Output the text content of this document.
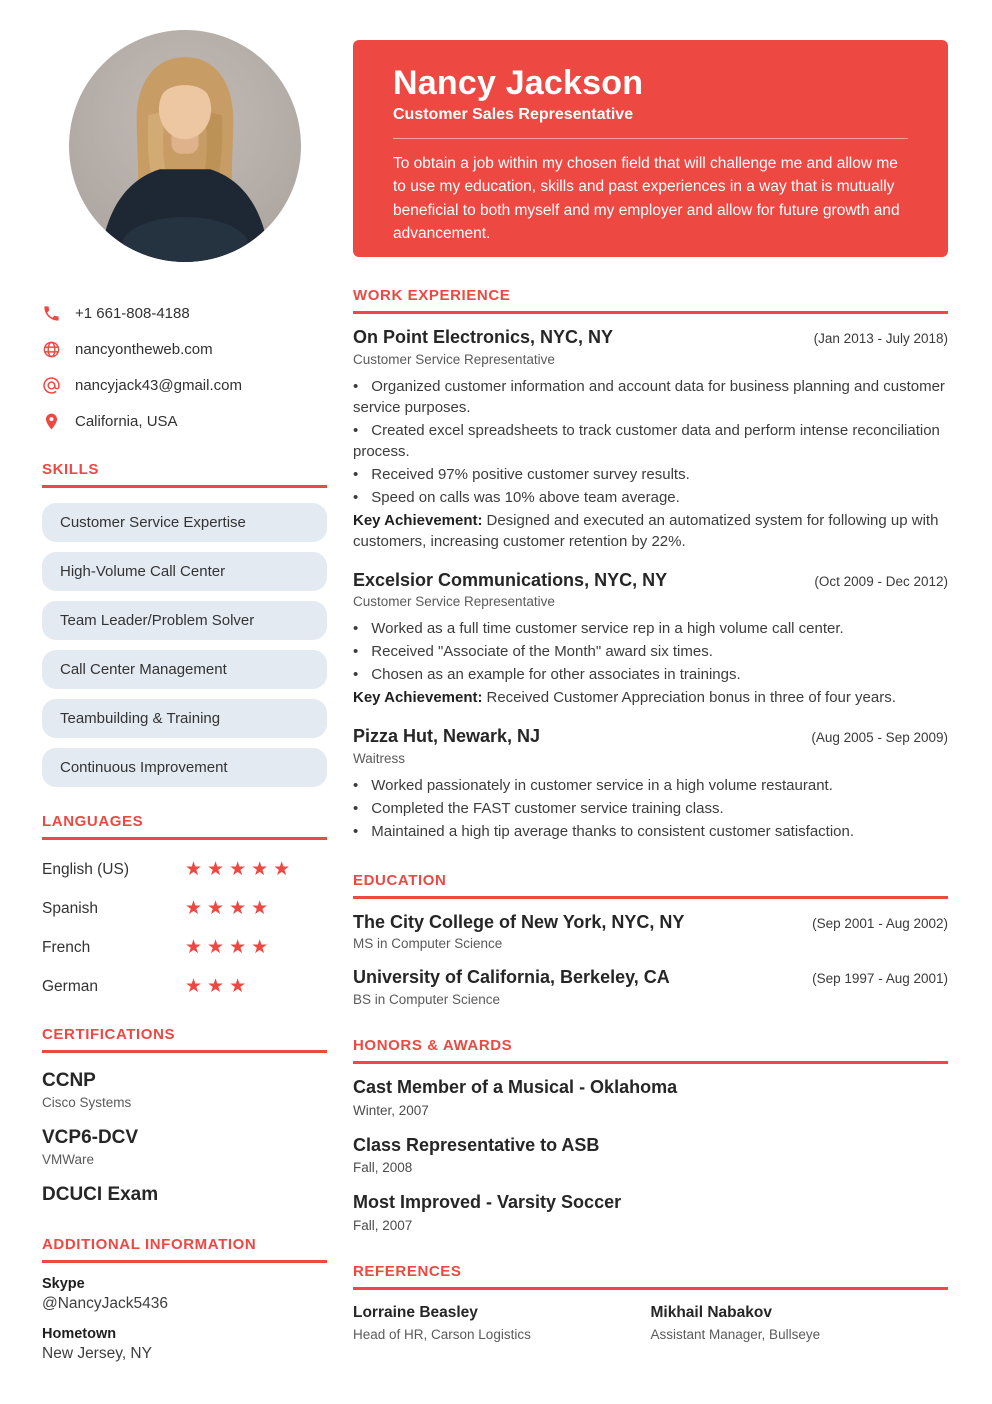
+1 661-808-4188
nancyontheweb.com
nancyjack43@gmail.com
California, USA
SKILLS
Customer Service Expertise
High-Volume Call Center
Team Leader/Problem Solver
Call Center Management
Teambuilding & Training
Continuous Improvement
LANGUAGES
English (US)	★★★★★
Spanish	★★★★
French	★★★★
German	★★★
CERTIFICATIONS
CCNP
Cisco Systems
VCP6-DCV
VMWare
DCUCI Exam
ADDITIONAL INFORMATION
Skype
@NancyJack5436
Hometown
New Jersey, NY
Nancy Jackson
Customer Sales Representative

To obtain a job within my chosen field that will challenge me and allow me to use my education, skills and past experiences in a way that is mutually beneficial to both myself and my employer and allow for future growth and advancement.

WORK EXPERIENCE
On Point Electronics, NYC, NY	(Jan 2013 - July 2018)
Customer Service Representative
• Organized customer information and account data for business planning and customer service purposes.
• Created excel spreadsheets to track customer data and perform intense reconciliation process.
• Received 97% positive customer survey results.
• Speed on calls was 10% above team average.

Key Achievement: Designed and executed an automatized system for following up with customers, increasing customer retention by 22%.

Excelsior Communications, NYC, NY	(Oct 2009 - Dec 2012)
Customer Service Representative
• Worked as a full time customer service rep in a high volume call center.
• Received "Associate of the Month" award six times.
• Chosen as an example for other associates in trainings.

Key Achievement: Received Customer Appreciation bonus in three of four years.

Pizza Hut, Newark, NJ	(Aug 2005 - Sep 2009)
Waitress
• Worked passionately in customer service in a high volume restaurant.
• Completed the FAST customer service training class.
• Maintained a high tip average thanks to consistent customer satisfaction.
EDUCATION
The City College of New York, NYC, NY	(Sep 2001 - Aug 2002)
MS in Computer Science
University of California, Berkeley, CA	(Sep 1997 - Aug 2001)
BS in Computer Science
HONORS & AWARDS
Cast Member of a Musical - Oklahoma
Winter, 2007
Class Representative to ASB
Fall, 2008
Most Improved - Varsity Soccer
Fall, 2007
REFERENCES
Lorraine Beasley
Head of HR, Carson Logistics
Mikhail Nabakov
Assistant Manager, Bullseye
